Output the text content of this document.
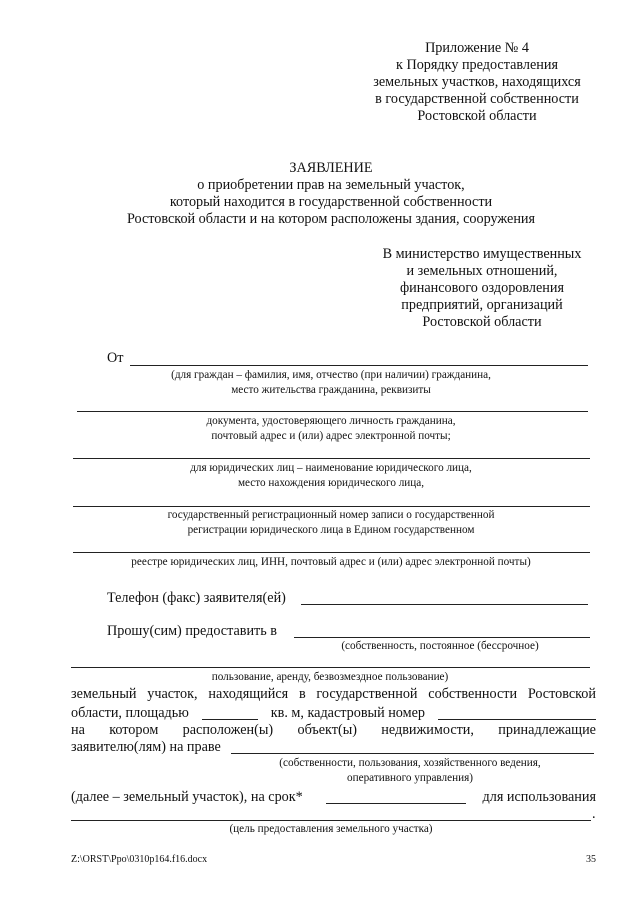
Приложение № 4
к Порядку предоставления
земельных участков, находящихся
в государственной собственности
Ростовской области
ЗАЯВЛЕНИЕ
о приобретении прав на земельный участок,
который находится в государственной собственности
Ростовской области и на котором расположены здания, сооружения
В министерство имущественных
и земельных отношений,
финансового оздоровления
предприятий, организаций
Ростовской области
От
(для граждан – фамилия, имя, отчество (при наличии) гражданина,
место жительства гражданина, реквизиты
документа, удостоверяющего личность гражданина,
почтовый адрес и (или) адрес электронной почты;
для юридических лиц – наименование юридического лица,
место нахождения юридического лица,
государственный регистрационный номер записи о государственной
регистрации юридического лица в Едином государственном
реестре юридических лиц, ИНН, почтовый адрес и (или) адрес электронной почты)
Телефон (факс) заявителя(ей)
Прошу(сим) предоставить в
(собственность, постоянное (бессрочное)
пользование, аренду, безвозмездное пользование)
земельный участок, находящийся в государственной собственности Ростовской
области, площадью	кв. м, кадастровый номер
на котором расположен(ы) объект(ы) недвижимости, принадлежащие
заявителю(лям) на праве
(собственности, пользования, хозяйственного ведения,
оперативного управления)
(далее – земельный участок), на срок*	для использования
.
(цель предоставления земельного участка)
Z:\ORST\Ppo\0310p164.f16.docx	35
